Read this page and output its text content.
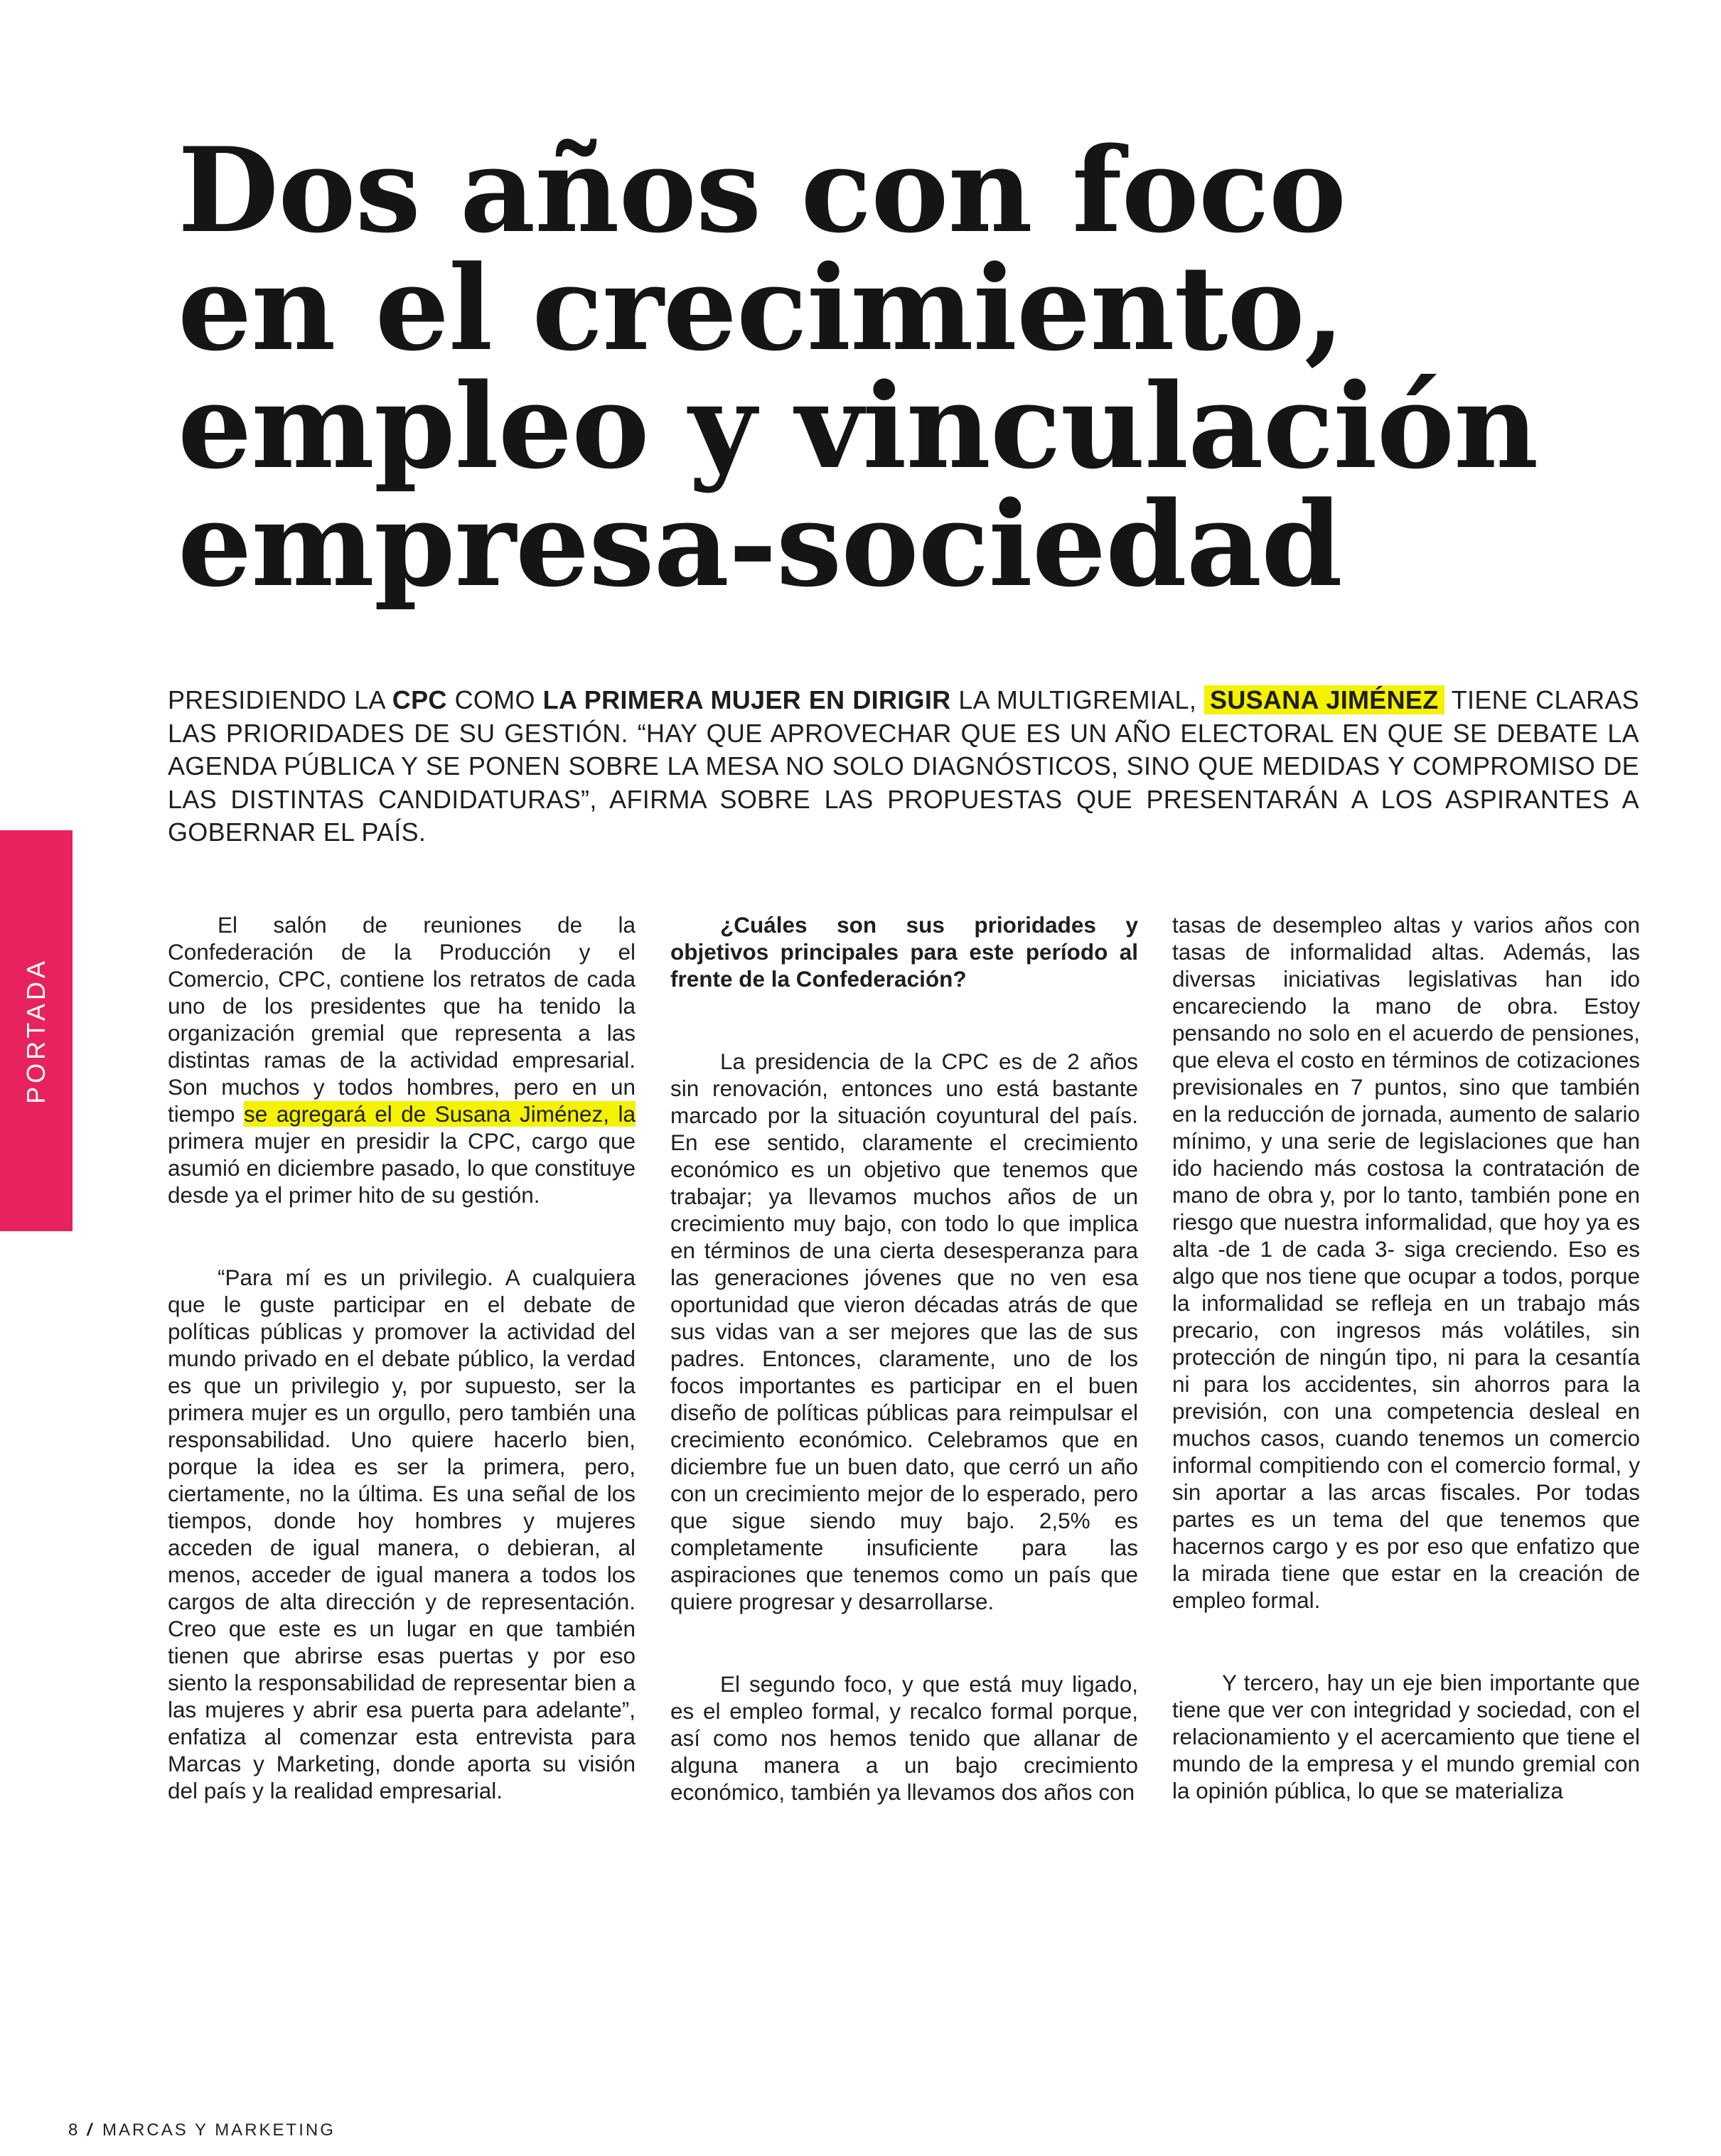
Dos años con foco
en el crecimiento,
empleo y vinculación
empresa-sociedad

PRESIDIENDO LA CPC COMO LA PRIMERA MUJER EN DIRIGIR LA MULTIGREMIAL, SUSANA JIMÉNEZ TIENE CLARAS LAS PRIORIDADES DE SU GESTIÓN. “HAY QUE APROVECHAR QUE ES UN AÑO ELECTORAL EN QUE SE DEBATE LA AGENDA PÚBLICA Y SE PONEN SOBRE LA MESA NO SOLO DIAGNÓSTICOS, SINO QUE MEDIDAS Y COMPROMISO DE LAS DISTINTAS CANDIDATURAS”, AFIRMA SOBRE LAS PROPUESTAS QUE PRESENTARÁN A LOS ASPIRANTES A GOBERNAR EL PAÍS.

PORTADA

El salón de reuniones de la Confederación de la Producción y el Comercio, CPC, contiene los retratos de cada uno de los presidentes que ha tenido la organización gremial que representa a las distintas ramas de la actividad empresarial. Son muchos y todos hombres, pero en un tiempo se agregará el de Susana Jiménez, la primera mujer en presidir la CPC, cargo que asumió en diciembre pasado, lo que constituye desde ya el primer hito de su gestión.

“Para mí es un privilegio. A cualquiera que le guste participar en el debate de políticas públicas y promover la actividad del mundo privado en el debate público, la verdad es que un privilegio y, por supuesto, ser la primera mujer es un orgullo, pero también una responsabilidad. Uno quiere hacerlo bien, porque la idea es ser la primera, pero, ciertamente, no la última. Es una señal de los tiempos, donde hoy hombres y mujeres acceden de igual manera, o debieran, al menos, acceder de igual manera a todos los cargos de alta dirección y de representación. Creo que este es un lugar en que también tienen que abrirse esas puertas y por eso siento la responsabilidad de representar bien a las mujeres y abrir esa puerta para adelante”, enfatiza al comenzar esta entrevista para Marcas y Marketing, donde aporta su visión del país y la realidad empresarial.

¿Cuáles son sus prioridades y objetivos principales para este período al frente de la Confederación?

La presidencia de la CPC es de 2 años sin renovación, entonces uno está bastante marcado por la situación coyuntural del país. En ese sentido, claramente el crecimiento económico es un objetivo que tenemos que trabajar; ya llevamos muchos años de un crecimiento muy bajo, con todo lo que implica en términos de una cierta desesperanza para las generaciones jóvenes que no ven esa oportunidad que vieron décadas atrás de que sus vidas van a ser mejores que las de sus padres. Entonces, claramente, uno de los focos importantes es participar en el buen diseño de políticas públicas para reimpulsar el crecimiento económico. Celebramos que en diciembre fue un buen dato, que cerró un año con un crecimiento mejor de lo esperado, pero que sigue siendo muy bajo. 2,5% es completamente insuficiente para las aspiraciones que tenemos como un país que quiere progresar y desarrollarse.

El segundo foco, y que está muy ligado, es el empleo formal, y recalco formal porque, así como nos hemos tenido que allanar de alguna manera a un bajo crecimiento económico, también ya llevamos dos años con

tasas de desempleo altas y varios años con tasas de informalidad altas. Además, las diversas iniciativas legislativas han ido encareciendo la mano de obra. Estoy pensando no solo en el acuerdo de pensiones, que eleva el costo en términos de cotizaciones previsionales en 7 puntos, sino que también en la reducción de jornada, aumento de salario mínimo, y una serie de legislaciones que han ido haciendo más costosa la contratación de mano de obra y, por lo tanto, también pone en riesgo que nuestra informalidad, que hoy ya es alta -de 1 de cada 3- siga creciendo. Eso es algo que nos tiene que ocupar a todos, porque la informalidad se refleja en un trabajo más precario, con ingresos más volátiles, sin protección de ningún tipo, ni para la cesantía ni para los accidentes, sin ahorros para la previsión, con una competencia desleal en muchos casos, cuando tenemos un comercio informal compitiendo con el comercio formal, y sin aportar a las arcas fiscales. Por todas partes es un tema del que tenemos que hacernos cargo y es por eso que enfatizo que la mirada tiene que estar en la creación de empleo formal.

Y tercero, hay un eje bien importante que tiene que ver con integridad y sociedad, con el relacionamiento y el acercamiento que tiene el mundo de la empresa y el mundo gremial con la opinión pública, lo que se materializa

8 / MARCAS Y MARKETING
